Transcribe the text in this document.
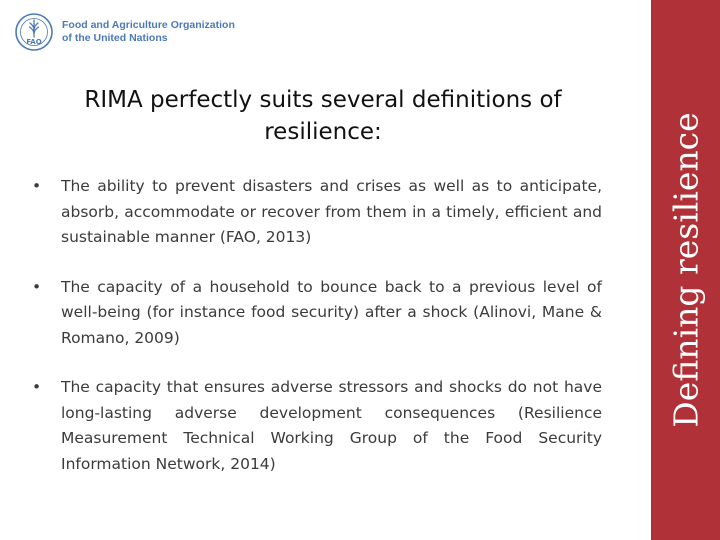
FAO
Food and Agriculture Organization
of the United Nations
RIMA perfectly suits several definitions of resilience:
• The ability to prevent disasters and crises as well as to anticipate, absorb, accommodate or recover from them in a timely, efficient and sustainable manner (FAO, 2013)
• The capacity of a household to bounce back to a previous level of well-being (for instance food security) after a shock (Alinovi, Mane & Romano, 2009)
• The capacity that ensures adverse stressors and shocks do not have long-lasting adverse development consequences (Resilience Measurement Technical Working Group of the Food Security Information Network, 2014)
Defining resilience
